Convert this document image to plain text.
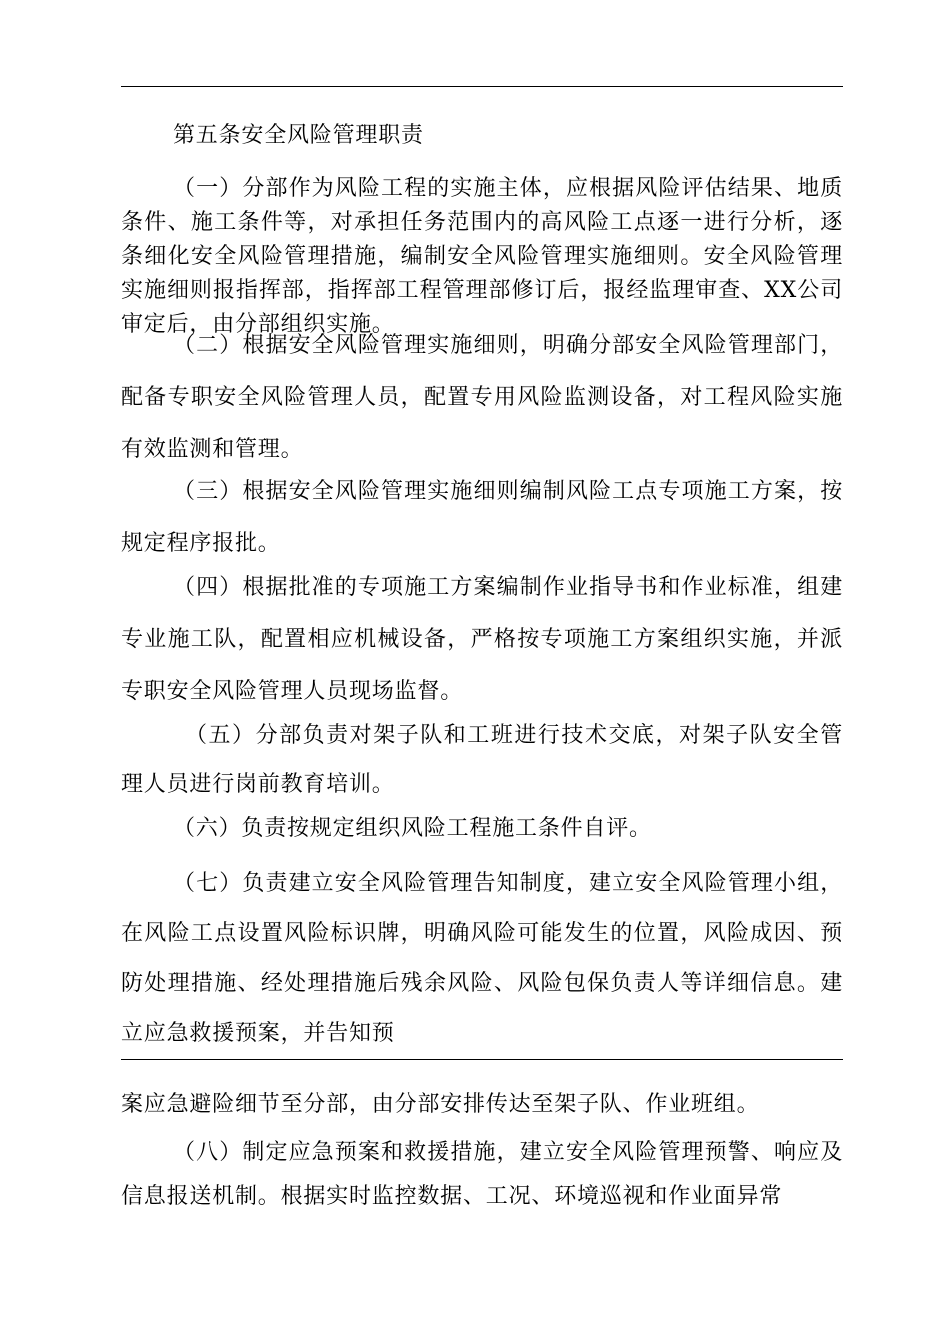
第五条安全风险管理职责

（一）分部作为风险工程的实施主体，应根据风险评估结果、地质条件、施工条件等，对承担任务范围内的高风险工点逐一进行分析，逐条细化安全风险管理措施，编制安全风险管理实施细则。安全风险管理实施细则报指挥部，指挥部工程管理部修订后，报经监理审查、XX公司审定后，由分部组织实施。

（二）根据安全风险管理实施细则，明确分部安全风险管理部门，配备专职安全风险管理人员，配置专用风险监测设备，对工程风险实施有效监测和管理。

（三）根据安全风险管理实施细则编制风险工点专项施工方案，按规定程序报批。

（四）根据批准的专项施工方案编制作业指导书和作业标准，组建专业施工队，配置相应机械设备，严格按专项施工方案组织实施，并派专职安全风险管理人员现场监督。

（五）分部负责对架子队和工班进行技术交底，对架子队安全管理人员进行岗前教育培训。

（六）负责按规定组织风险工程施工条件自评。

（七）负责建立安全风险管理告知制度，建立安全风险管理小组，在风险工点设置风险标识牌，明确风险可能发生的位置，风险成因、预防处理措施、经处理措施后残余风险、风险包保负责人等详细信息。建立应急救援预案，并告知预

案应急避险细节至分部，由分部安排传达至架子队、作业班组。

（八）制定应急预案和救援措施，建立安全风险管理预警、响应及信息报送机制。根据实时监控数据、工况、环境巡视和作业面异常
